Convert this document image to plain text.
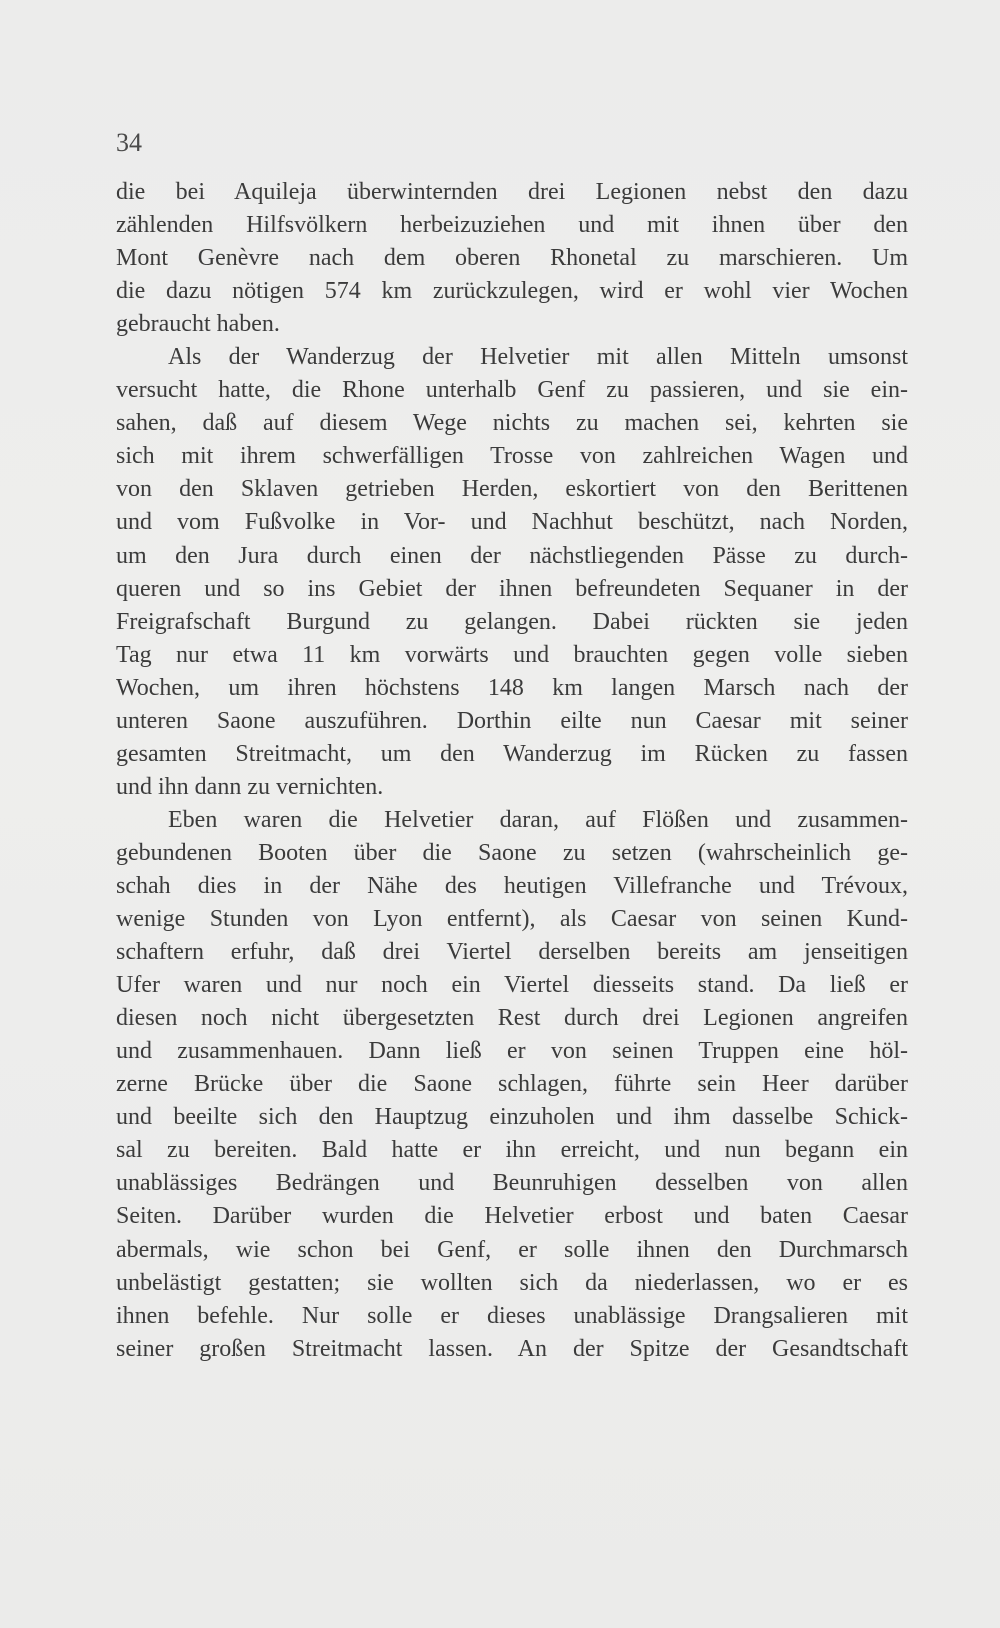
34
die bei Aquileja überwinternden drei Legionen nebst den dazu
zählenden Hilfsvölkern herbeizuziehen und mit ihnen über den
Mont Genèvre nach dem oberen Rhonetal zu marschieren. Um
die dazu nötigen 574 km zurückzulegen, wird er wohl vier Wochen
gebraucht haben.
Als der Wanderzug der Helvetier mit allen Mitteln umsonst
versucht hatte, die Rhone unterhalb Genf zu passieren, und sie ein-
sahen, daß auf diesem Wege nichts zu machen sei, kehrten sie
sich mit ihrem schwerfälligen Trosse von zahlreichen Wagen und
von den Sklaven getrieben Herden, eskortiert von den Berittenen
und vom Fußvolke in Vor- und Nachhut beschützt, nach Norden,
um den Jura durch einen der nächstliegenden Pässe zu durch-
queren und so ins Gebiet der ihnen befreundeten Sequaner in der
Freigrafschaft Burgund zu gelangen. Dabei rückten sie jeden
Tag nur etwa 11 km vorwärts und brauchten gegen volle sieben
Wochen, um ihren höchstens 148 km langen Marsch nach der
unteren Saone auszuführen. Dorthin eilte nun Caesar mit seiner
gesamten Streitmacht, um den Wanderzug im Rücken zu fassen
und ihn dann zu vernichten.
Eben waren die Helvetier daran, auf Flößen und zusammen-
gebundenen Booten über die Saone zu setzen (wahrscheinlich ge-
schah dies in der Nähe des heutigen Villefranche und Trévoux,
wenige Stunden von Lyon entfernt), als Caesar von seinen Kund-
schaftern erfuhr, daß drei Viertel derselben bereits am jenseitigen
Ufer waren und nur noch ein Viertel diesseits stand. Da ließ er
diesen noch nicht übergesetzten Rest durch drei Legionen angreifen
und zusammenhauen. Dann ließ er von seinen Truppen eine höl-
zerne Brücke über die Saone schlagen, führte sein Heer darüber
und beeilte sich den Hauptzug einzuholen und ihm dasselbe Schick-
sal zu bereiten. Bald hatte er ihn erreicht, und nun begann ein
unablässiges Bedrängen und Beunruhigen desselben von allen
Seiten. Darüber wurden die Helvetier erbost und baten Caesar
abermals, wie schon bei Genf, er solle ihnen den Durchmarsch
unbelästigt gestatten; sie wollten sich da niederlassen, wo er es
ihnen befehle. Nur solle er dieses unablässige Drangsalieren mit
seiner großen Streitmacht lassen. An der Spitze der Gesandtschaft
